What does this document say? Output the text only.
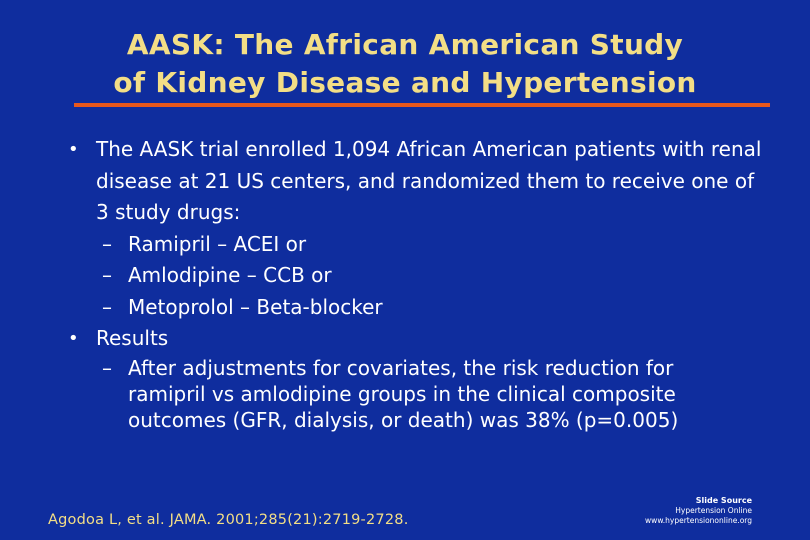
AASK: The African American Study
of Kidney Disease and Hypertension
• The AASK trial enrolled 1,094 African American patients with renal disease at 21 US centers, and randomized them to receive one of 3 study drugs:
– Ramipril – ACEI or
– Amlodipine – CCB or
– Metoprolol – Beta-blocker
• Results
– After adjustments for covariates, the risk reduction for ramipril vs amlodipine groups in the clinical composite outcomes (GFR, dialysis, or death) was 38% (p=0.005)
Agodoa L, et al. JAMA. 2001;285(21):2719-2728.
Slide Source
Hypertension Online
www.hypertensiononline.org
